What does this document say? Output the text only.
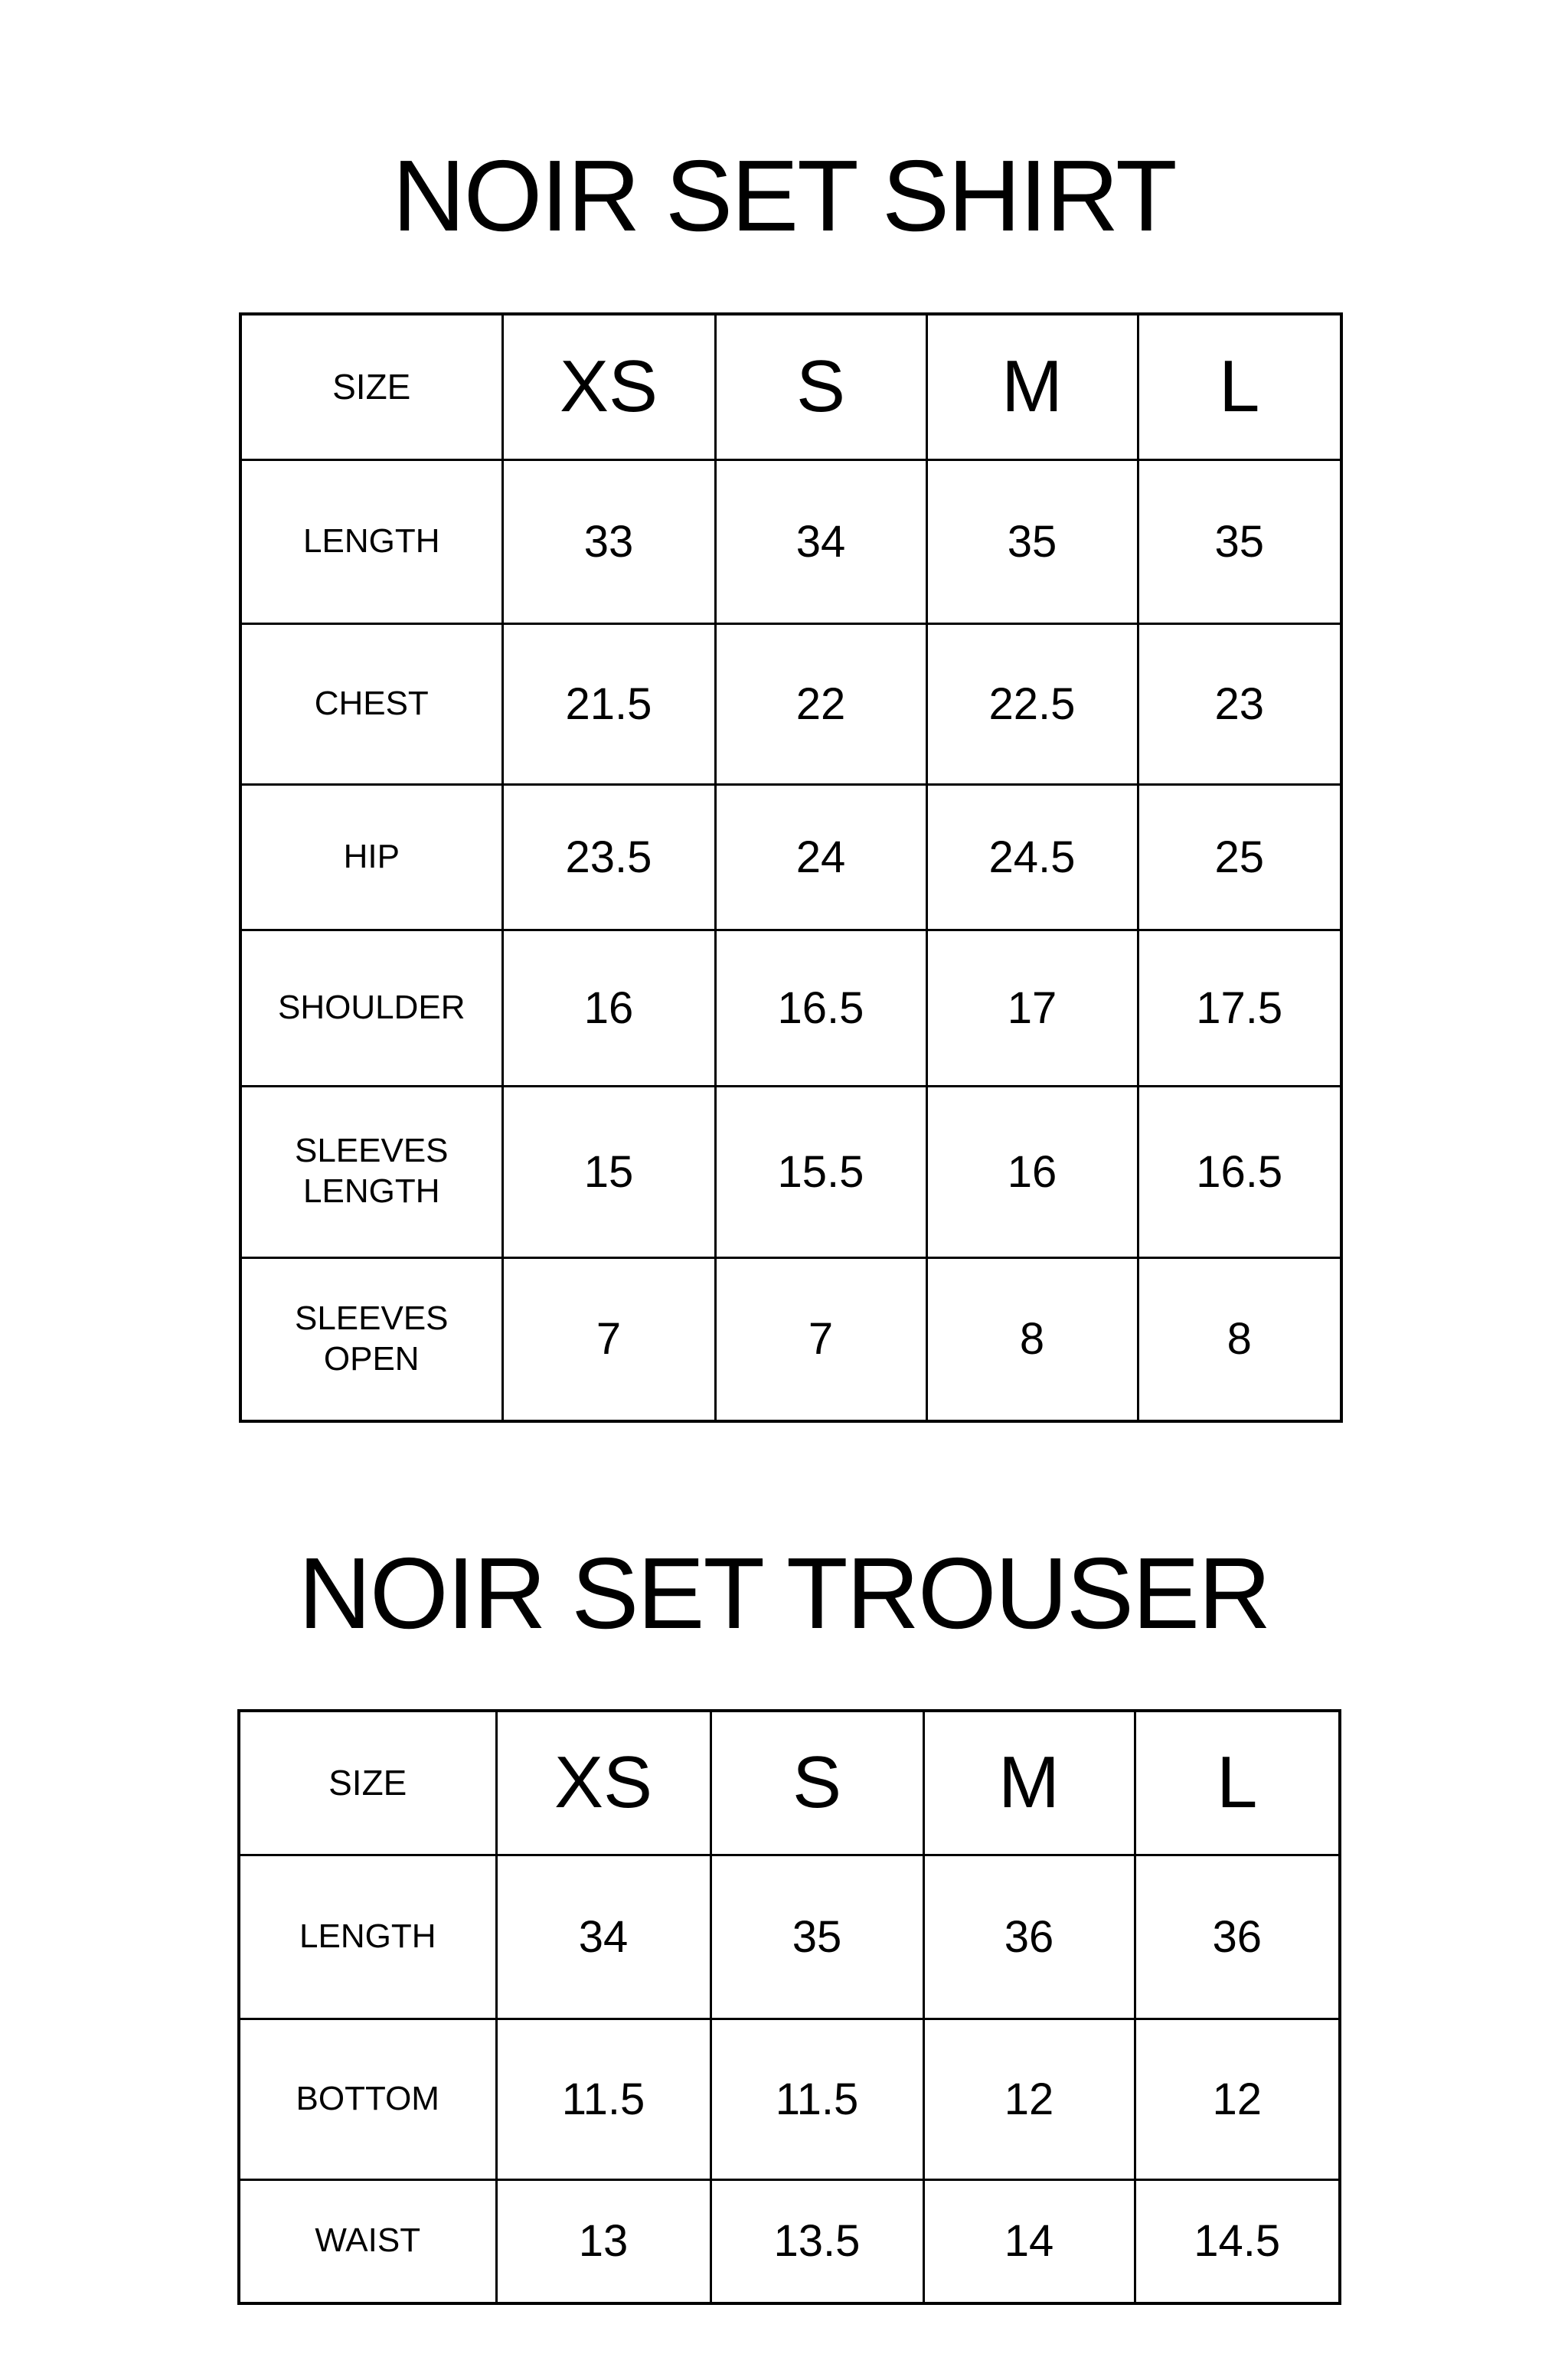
NOIR SET SHIRT
SIZE	XS	S	M	L
LENGTH	33	34	35	35
CHEST	21.5	22	22.5	23
HIP	23.5	24	24.5	25
SHOULDER	16	16.5	17	17.5

SLEEVES
LENGTH	15	15.5	16	16.5

SLEEVES
OPEN	7	7	8	8
NOIR SET TROUSER
SIZE	XS	S	M	L
LENGTH	34	35	36	36
BOTTOM	11.5	11.5	12	12
WAIST	13	13.5	14	14.5
